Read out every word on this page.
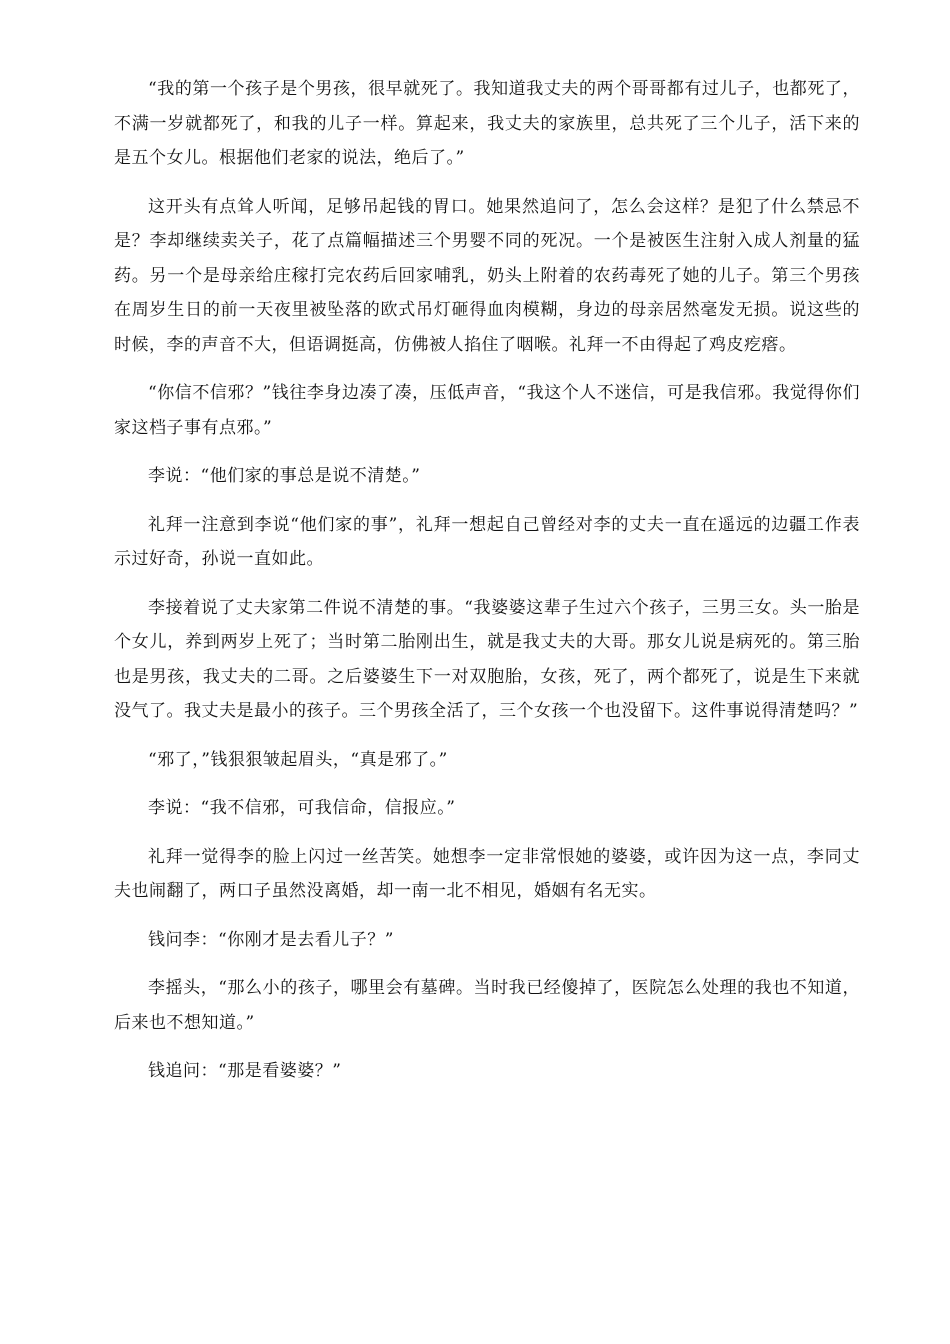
“我的第一个孩子是个男孩，很早就死了。我知道我丈夫的两个哥哥都有过儿子，也都死了，不满一岁就都死了，和我的儿子一样。算起来，我丈夫的家族里，总共死了三个儿子，活下来的是五个女儿。根据他们老家的说法，绝后了。”

这开头有点耸人听闻，足够吊起钱的胃口。她果然追问了，怎么会这样？是犯了什么禁忌不是？李却继续卖关子，花了点篇幅描述三个男婴不同的死况。一个是被医生注射入成人剂量的猛药。另一个是母亲给庄稼打完农药后回家哺乳，奶头上附着的农药毒死了她的儿子。第三个男孩在周岁生日的前一天夜里被坠落的欧式吊灯砸得血肉模糊，身边的母亲居然毫发无损。说这些的时候，李的声音不大，但语调挺高，仿佛被人掐住了咽喉。礼拜一不由得起了鸡皮疙瘩。

“你信不信邪？”钱往李身边凑了凑，压低声音，“我这个人不迷信，可是我信邪。我觉得你们家这档子事有点邪。”

李说：“他们家的事总是说不清楚。”

礼拜一注意到李说“他们家的事”，礼拜一想起自己曾经对李的丈夫一直在遥远的边疆工作表示过好奇，孙说一直如此。

李接着说了丈夫家第二件说不清楚的事。“我婆婆这辈子生过六个孩子，三男三女。头一胎是个女儿，养到两岁上死了；当时第二胎刚出生，就是我丈夫的大哥。那女儿说是病死的。第三胎也是男孩，我丈夫的二哥。之后婆婆生下一对双胞胎，女孩，死了，两个都死了，说是生下来就没气了。我丈夫是最小的孩子。三个男孩全活了，三个女孩一个也没留下。这件事说得清楚吗？”

“邪了，”钱狠狠皱起眉头，“真是邪了。”

李说：“我不信邪，可我信命，信报应。”

礼拜一觉得李的脸上闪过一丝苦笑。她想李一定非常恨她的婆婆，或许因为这一点，李同丈夫也闹翻了，两口子虽然没离婚，却一南一北不相见，婚姻有名无实。

钱问李：“你刚才是去看儿子？”

李摇头，“那么小的孩子，哪里会有墓碑。当时我已经傻掉了，医院怎么处理的我也不知道，后来也不想知道。”

钱追问：“那是看婆婆？”
